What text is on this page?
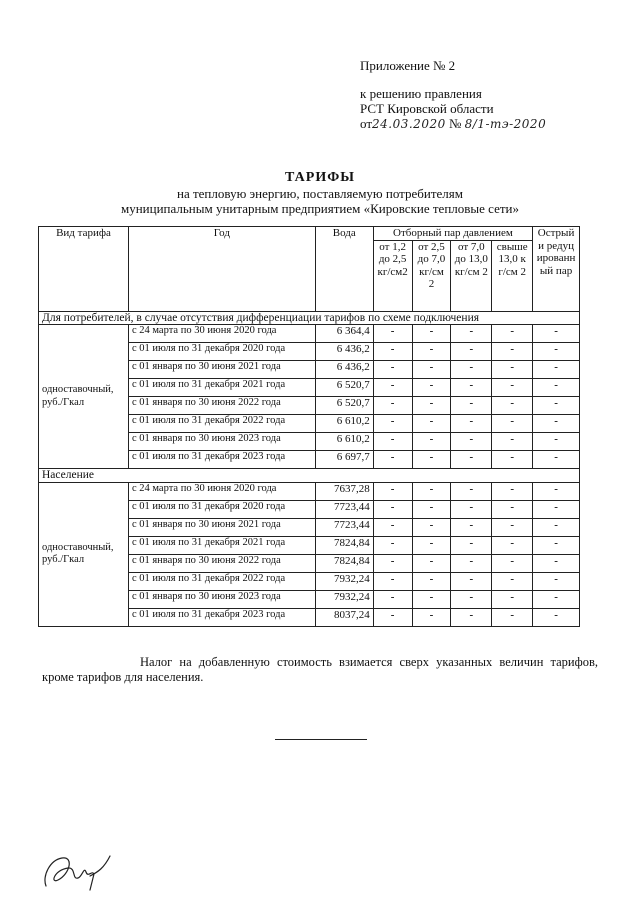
Приложение № 2
к решению правления
РСТ Кировской области
от24.03.2020 № 8/1-тэ-2020
ТАРИФЫ
на тепловую энергию, поставляемую потребителям
муниципальным унитарным предприятием «Кировские тепловые сети»
Вид тарифа	Год	Вода	Отборный пар давлением				Острый и редуцированный пар
			от 1,2 до 2,5 кг/см2	от 2,5 до 7,0 кг/см 2	от 7,0 до 13,0 кг/см 2	свыше 13,0 кг/см 2	
Для потребителей, в случае отсутствия дифференциации тарифов по схеме подключения							
одноставочный, руб./Гкал	с 24 марта по 30 июня 2020 года	6 364,4	-	-	-	-	-
	с 01 июля по 31 декабря 2020 года	6 436,2	-	-	-	-	-
	с 01 января по 30 июня 2021 года	6 436,2	-	-	-	-	-
	с 01 июля по 31 декабря 2021 года	6 520,7	-	-	-	-	-
	с 01 января по 30 июня 2022 года	6 520,7	-	-	-	-	-
	с 01 июля по 31 декабря 2022 года	6 610,2	-	-	-	-	-
	с 01 января по 30 июня 2023 года	6 610,2	-	-	-	-	-
	с 01 июля по 31 декабря 2023 года	6 697,7	-	-	-	-	-
Население							
одноставочный, руб./Гкал	с 24 марта по 30 июня 2020 года	7637,28	-	-	-	-	-
	с 01 июля по 31 декабря 2020 года	7723,44	-	-	-	-	-
	с 01 января по 30 июня 2021 года	7723,44	-	-	-	-	-
	с 01 июля по 31 декабря 2021 года	7824,84	-	-	-	-	-
	с 01 января по 30 июня 2022 года	7824,84	-	-	-	-	-
	с 01 июля по 31 декабря 2022 года	7932,24	-	-	-	-	-
	с 01 января по 30 июня 2023 года	7932,24	-	-	-	-	-
	с 01 июля по 31 декабря 2023 года	8037,24	-	-	-	-	-
Налог на добавленную стоимость взимается сверх указанных величин тарифов, кроме тарифов для населения.
